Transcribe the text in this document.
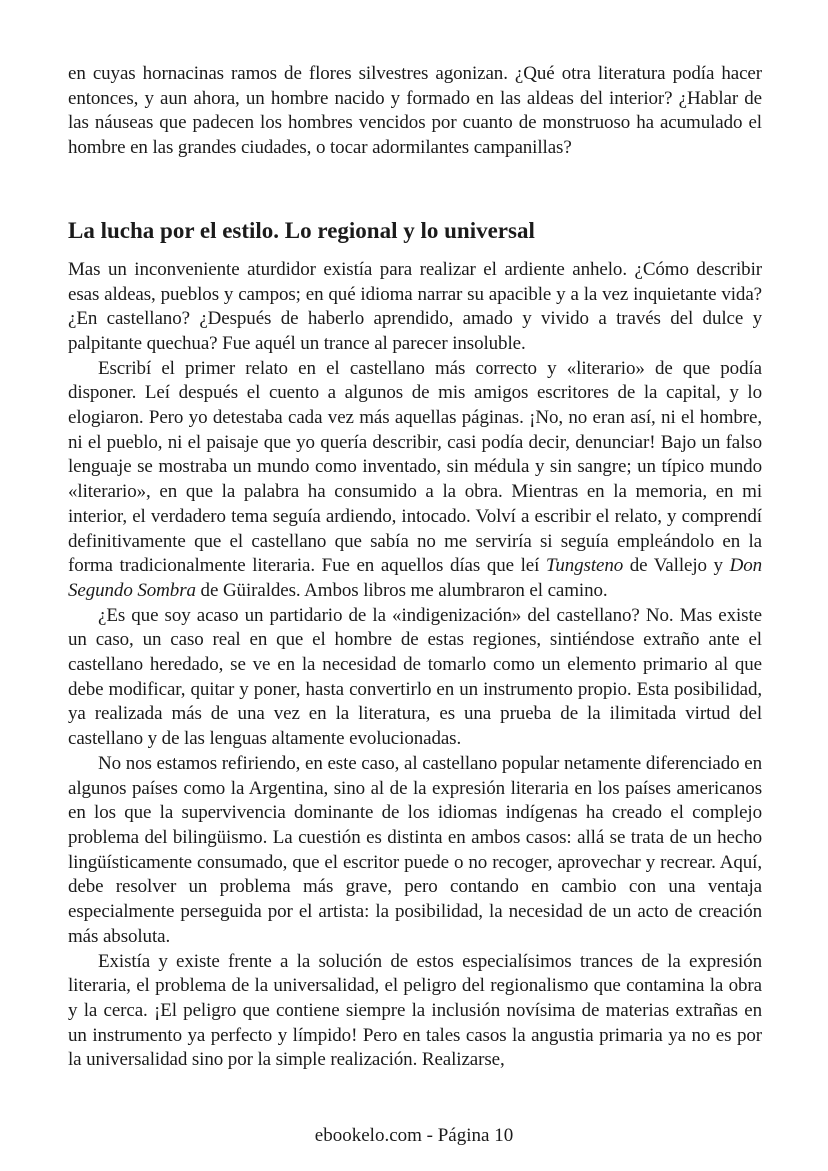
en cuyas hornacinas ramos de flores silvestres agonizan. ¿Qué otra literatura podía hacer entonces, y aun ahora, un hombre nacido y formado en las aldeas del interior? ¿Hablar de las náuseas que padecen los hombres vencidos por cuanto de monstruoso ha acumulado el hombre en las grandes ciudades, o tocar adormilantes campanillas?

La lucha por el estilo. Lo regional y lo universal

Mas un inconveniente aturdidor existía para realizar el ardiente anhelo. ¿Cómo describir esas aldeas, pueblos y campos; en qué idioma narrar su apacible y a la vez inquietante vida? ¿En castellano? ¿Después de haberlo aprendido, amado y vivido a través del dulce y palpitante quechua? Fue aquél un trance al parecer insoluble.

Escribí el primer relato en el castellano más correcto y «literario» de que podía disponer. Leí después el cuento a algunos de mis amigos escritores de la capital, y lo elogiaron. Pero yo detestaba cada vez más aquellas páginas. ¡No, no eran así, ni el hombre, ni el pueblo, ni el paisaje que yo quería describir, casi podía decir, denunciar! Bajo un falso lenguaje se mostraba un mundo como inventado, sin médula y sin sangre; un típico mundo «literario», en que la palabra ha consumido a la obra. Mientras en la memoria, en mi interior, el verdadero tema seguía ardiendo, intocado. Volví a escribir el relato, y comprendí definitivamente que el castellano que sabía no me serviría si seguía empleándolo en la forma tradicionalmente literaria. Fue en aquellos días que leí Tungsteno de Vallejo y Don Segundo Sombra de Güiraldes. Ambos libros me alumbraron el camino.

¿Es que soy acaso un partidario de la «indigenización» del castellano? No. Mas existe un caso, un caso real en que el hombre de estas regiones, sintiéndose extraño ante el castellano heredado, se ve en la necesidad de tomarlo como un elemento primario al que debe modificar, quitar y poner, hasta convertirlo en un instrumento propio. Esta posibilidad, ya realizada más de una vez en la literatura, es una prueba de la ilimitada virtud del castellano y de las lenguas altamente evolucionadas.

No nos estamos refiriendo, en este caso, al castellano popular netamente diferenciado en algunos países como la Argentina, sino al de la expresión literaria en los países americanos en los que la supervivencia dominante de los idiomas indígenas ha creado el complejo problema del bilingüismo. La cuestión es distinta en ambos casos: allá se trata de un hecho lingüísticamente consumado, que el escritor puede o no recoger, aprovechar y recrear. Aquí, debe resolver un problema más grave, pero contando en cambio con una ventaja especialmente perseguida por el artista: la posibilidad, la necesidad de un acto de creación más absoluta.

Existía y existe frente a la solución de estos especialísimos trances de la expresión literaria, el problema de la universalidad, el peligro del regionalismo que contamina la obra y la cerca. ¡El peligro que contiene siempre la inclusión novísima de materias extrañas en un instrumento ya perfecto y límpido! Pero en tales casos la angustia primaria ya no es por la universalidad sino por la simple realización. Realizarse,

ebookelo.com - Página 10
